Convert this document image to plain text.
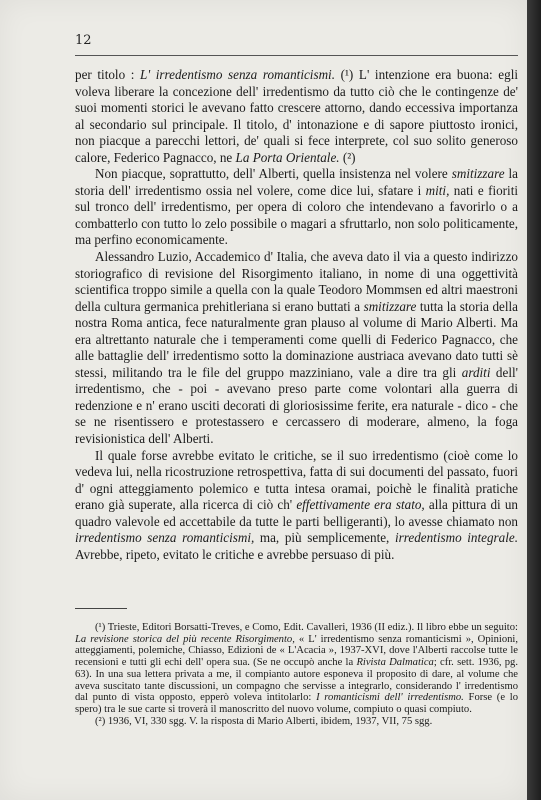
12

per titolo : L' irredentismo senza romanticismi. (¹) L' intenzione era buona: egli voleva liberare la concezione dell' irredentismo da tutto ciò che le contingenze de' suoi momenti storici le avevano fatto crescere attorno, dando eccessiva importanza al secondario sul principale. Il titolo, d' intonazione e di sapore piuttosto ironici, non piacque a parecchi lettori, de' quali si fece interprete, col suo solito generoso calore, Federico Pagnacco, ne La Porta Orientale. (²)

Non piacque, soprattutto, dell' Alberti, quella insistenza nel volere smitizzare la storia dell' irredentismo ossia nel volere, come dice lui, sfatare i miti, nati e fioriti sul tronco dell' irredentismo, per opera di coloro che intendevano a favorirlo o a combatterlo con tutto lo zelo possibile o magari a sfruttarlo, non solo politicamente, ma perfino economicamente.

Alessandro Luzio, Accademico d' Italia, che aveva dato il via a questo indirizzo storiografico di revisione del Risorgimento italiano, in nome di una oggettività scientifica troppo simile a quella con la quale Teodoro Mommsen ed altri maestroni della cultura germanica prehitleriana si erano buttati a smitizzare tutta la storia della nostra Roma antica, fece naturalmente gran plauso al volume di Mario Alberti. Ma era altrettanto naturale che i temperamenti come quelli di Federico Pagnacco, che alle battaglie dell' irredentismo sotto la dominazione austriaca avevano dato tutti sè stessi, militando tra le file del gruppo mazziniano, vale a dire tra gli arditi dell' irredentismo, che - poi - avevano preso parte come volontari alla guerra di redenzione e n' erano usciti decorati di gloriosissime ferite, era naturale - dico - che se ne risentissero e protestassero e cercassero di moderare, almeno, la foga revisionistica dell' Alberti.

Il quale forse avrebbe evitato le critiche, se il suo irredentismo (cioè come lo vedeva lui, nella ricostruzione retrospettiva, fatta di sui documenti del passato, fuori d' ogni atteggiamento polemico e tutta intesa oramai, poichè le finalità pratiche erano già superate, alla ricerca di ciò ch' effettivamente era stato, alla pittura di un quadro valevole ed accettabile da tutte le parti belligeranti), lo avesse chiamato non irredentismo senza romanticismi, ma, più semplicemente, irredentismo integrale. Avrebbe, ripeto, evitato le critiche e avrebbe persuaso di più.

(¹) Trieste, Editori Borsatti-Treves, e Como, Edit. Cavalleri, 1936 (II ediz.). Il libro ebbe un seguito: La revisione storica del più recente Risorgimento, « L' irredentismo senza romanticismi », Opinioni, atteggiamenti, polemiche, Chiasso, Edizioni de « L'Acacia », 1937-XVI, dove l'Alberti raccolse tutte le recensioni e tutti gli echi dell' opera sua. (Se ne occupò anche la Rivista Dalmatica; cfr. sett. 1936, pg. 63). In una sua lettera privata a me, il compianto autore esponeva il proposito di dare, al volume che aveva suscitato tante discussioni, un compagno che servisse a integrarlo, considerando l' irredentismo dal punto di vista opposto, epperò voleva intitolarlo: I romanticismi dell' irredentismo. Forse (e lo spero) tra le sue carte si troverà il manoscritto del nuovo volume, compiuto o quasi compiuto.

(²) 1936, VI, 330 sgg. V. la risposta di Mario Alberti, ibidem, 1937, VII, 75 sgg.
